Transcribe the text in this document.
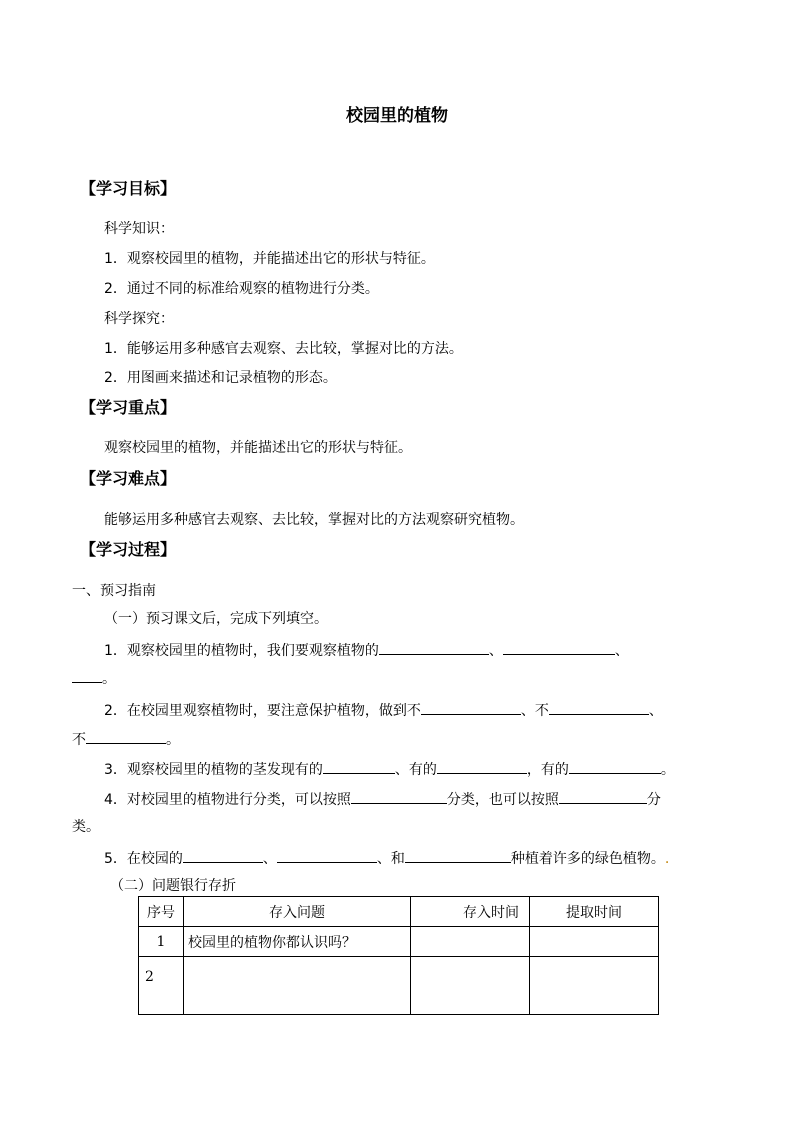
校园里的植物
【学习目标】
科学知识：
1．观察校园里的植物，并能描述出它的形状与特征。
2．通过不同的标准给观察的植物进行分类。
科学探究：
1．能够运用多种感官去观察、去比较，掌握对比的方法。
2．用图画来描述和记录植物的形态。
【学习重点】
观察校园里的植物，并能描述出它的形状与特征。
【学习难点】
能够运用多种感官去观察、去比较，掌握对比的方法观察研究植物。
【学习过程】
一、预习指南
（一）预习课文后，完成下列填空。
1．观察校园里的植物时，我们要观察植物的	、	、
。
2．在校园里观察植物时，要注意保护植物，做到不	、不	、
不	。
3．观察校园里的植物的茎发现有的	、有的	，有的	。
4．对校园里的植物进行分类，可以按照	分类，也可以按照	分
类。
5．在校园的	、	、和	种植着许多的绿色植物。.
（二）问题银行存折
序号	存入问题	存入时间	提取时间
1	校园里的植物你都认识吗？		
2			
